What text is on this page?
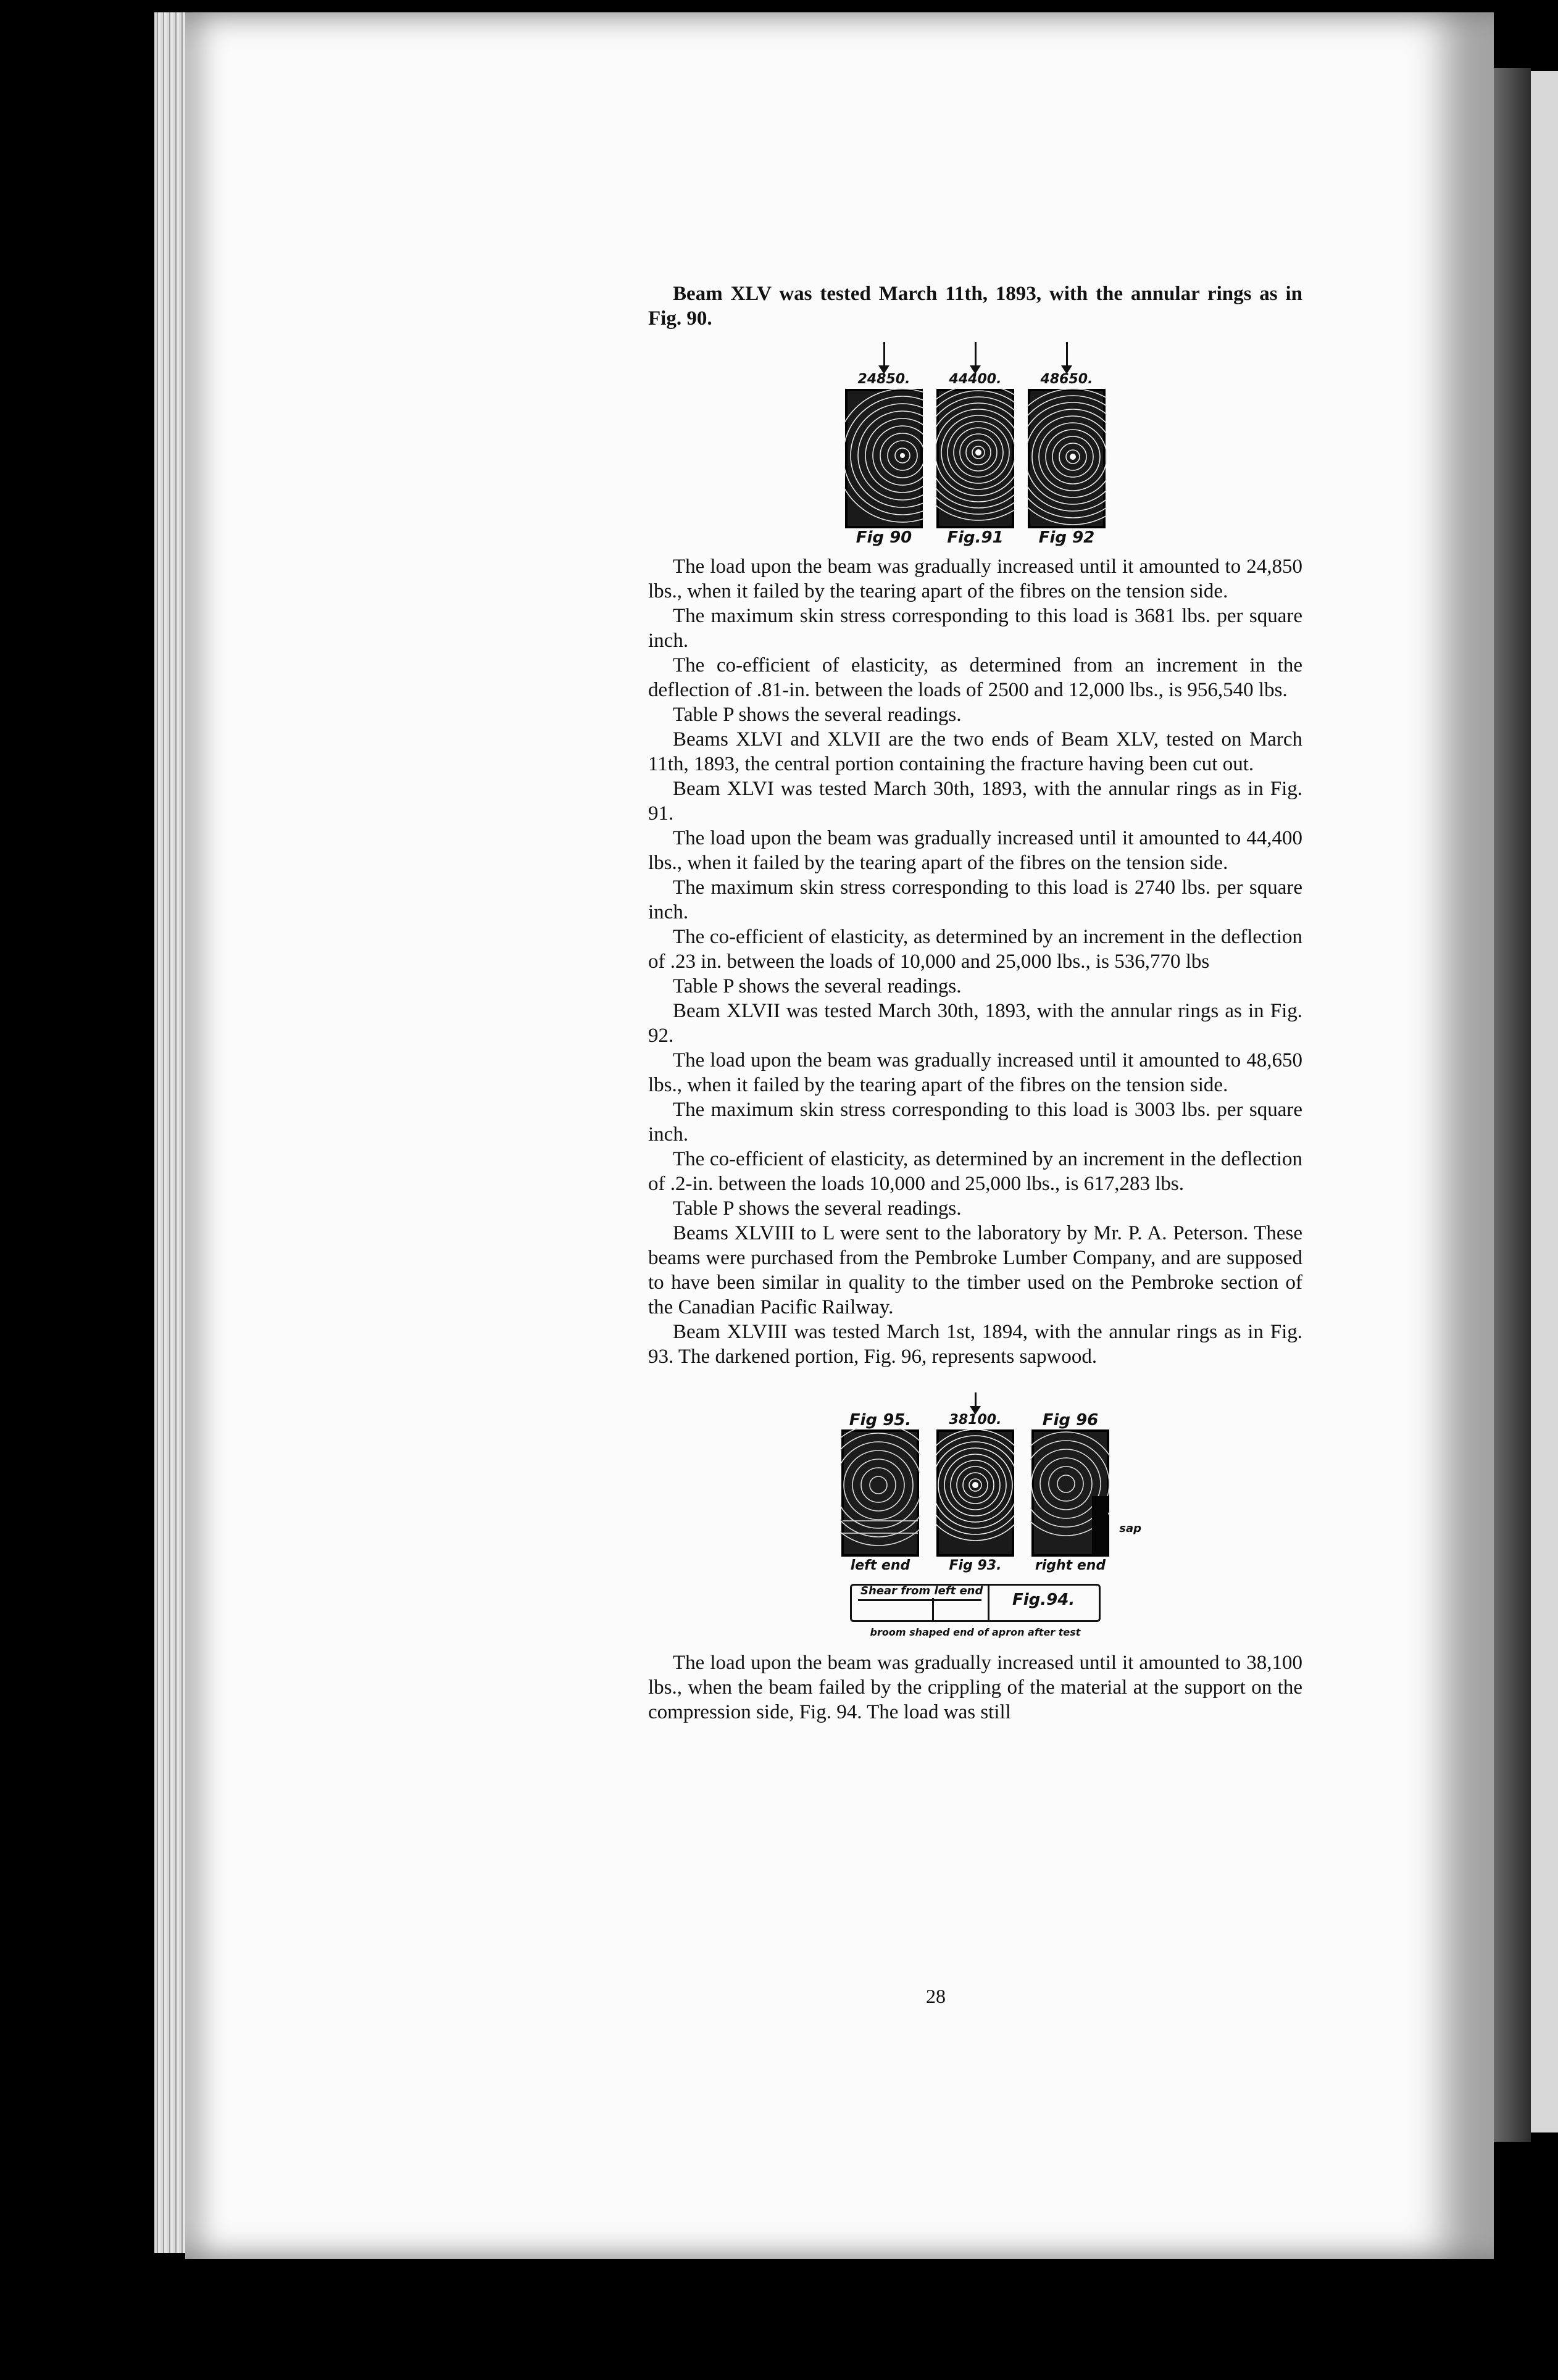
Beam XLV was tested March 11th, 1893, with the annular rings as in Fig. 90.

24850.
Fig 90
44400.
Fig.91
48650.
Fig 92

The load upon the beam was gradually increased until it amounted to 24,850 lbs., when it failed by the tearing apart of the fibres on the tension side.

The maximum skin stress corresponding to this load is 3681 lbs. per square inch.

The co-efficient of elasticity, as determined from an increment in the deflection of .81-in. between the loads of 2500 and 12,000 lbs., is 956,540 lbs.

Table P shows the several readings.

Beams XLVI and XLVII are the two ends of Beam XLV, tested on March 11th, 1893, the central portion containing the fracture having been cut out.

Beam XLVI was tested March 30th, 1893, with the annular rings as in Fig. 91.

The load upon the beam was gradually increased until it amounted to 44,400 lbs., when it failed by the tearing apart of the fibres on the tension side.

The maximum skin stress corresponding to this load is 2740 lbs. per square inch.

The co-efficient of elasticity, as determined by an increment in the deflection of .23 in. between the loads of 10,000 and 25,000 lbs., is 536,770 lbs

Table P shows the several readings.

Beam XLVII was tested March 30th, 1893, with the annular rings as in Fig. 92.

The load upon the beam was gradually increased until it amounted to 48,650 lbs., when it failed by the tearing apart of the fibres on the tension side.

The maximum skin stress corresponding to this load is 3003 lbs. per square inch.

The co-efficient of elasticity, as determined by an increment in the deflection of .2-in. between the loads 10,000 and 25,000 lbs., is 617,283 lbs.

Table P shows the several readings.

Beams XLVIII to L were sent to the laboratory by Mr. P. A. Peterson. These beams were purchased from the Pembroke Lumber Company, and are supposed to have been similar in quality to the timber used on the Pembroke section of the Canadian Pacific Railway.

Beam XLVIII was tested March 1st, 1894, with the annular rings as in Fig. 93. The darkened portion, Fig. 96, represents sapwood.

Fig 95.
left end
38100.
Fig 93.
Fig 96
right end
sap
Shear from left end Fig.94.
broom shaped end of apron after test

The load upon the beam was gradually increased until it amounted to 38,100 lbs., when the beam failed by the crippling of the material at the support on the compression side, Fig. 94. The load was still

28
